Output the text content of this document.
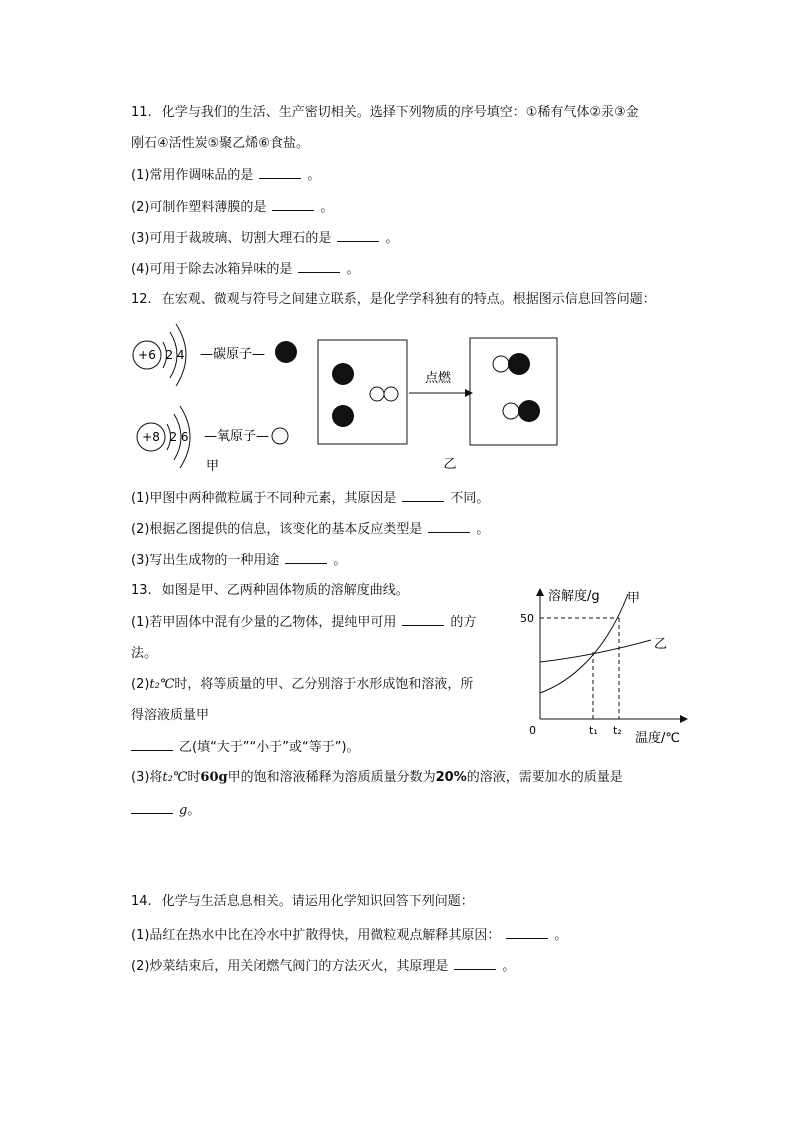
11. 化学与我们的生活、生产密切相关。选择下列物质的序号填空：①稀有气体②汞③金
刚石④活性炭⑤聚乙烯⑥食盐。
(1)常用作调味品的是	。
(2)可制作塑料薄膜的是	。
(3)可用于裁玻璃、切割大理石的是	。
(4)可用于除去冰箱异味的是	。
12. 在宏观、微观与符号之间建立联系，是化学学科独有的特点。根据图示信息回答问题：
+6 2 4 —碳原子—
+8 2 6 —氧原子—
甲
点燃
乙
(1)甲图中两种微粒属于不同种元素，其原因是	不同。
(2)根据乙图提供的信息，该变化的基本反应类型是	。
(3)写出生成物的一种用途	。
13. 如图是甲、乙两种固体物质的溶解度曲线。
(1)若甲固体中混有少量的乙物体，提纯甲可用	的方
法。
(2)t₂℃时，将等质量的甲、乙分别溶于水形成饱和溶液，所
得溶液质量甲
乙(填“大于”“小于”或“等于”)。
(3)将t₂℃时60g甲的饱和溶液稀释为溶质质量分数为20%的溶液，需要加水的质量是
g。
溶解度/g
温度/℃
0
50
t₁ t₂
甲
乙
14. 化学与生活息息相关。请运用化学知识回答下列问题：
(1)品红在热水中比在冷水中扩散得快，用微粒观点解释其原因：	。
(2)炒菜结束后，用关闭燃气阀门的方法灭火，其原理是	。
